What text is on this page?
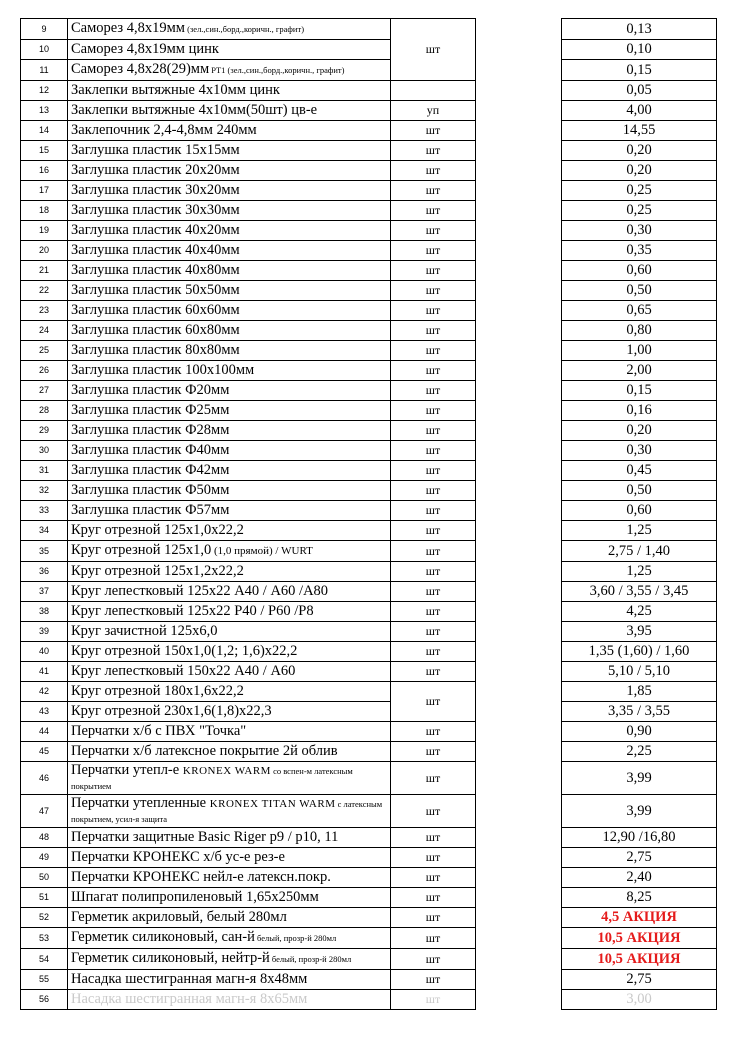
9	Саморез 4,8х19мм (зел.,син.,борд.,коричн., графит)	шт		0,13
10	Саморез 4,8х19мм цинк			0,10
11	Саморез 4,8х28(29)мм PT1 (зел.,син.,борд.,коричн., графит)			0,15
12	Заклепки вытяжные 4х10мм цинк			0,05
13	Заклепки вытяжные 4х10мм(50шт) цв-е	уп		4,00
14	Заклепочник 2,4-4,8мм 240мм	шт		14,55
15	Заглушка пластик 15х15мм	шт		0,20
16	Заглушка пластик 20х20мм	шт		0,20
17	Заглушка пластик 30х20мм	шт		0,25
18	Заглушка пластик 30х30мм	шт		0,25
19	Заглушка пластик 40х20мм	шт		0,30
20	Заглушка пластик 40х40мм	шт		0,35
21	Заглушка пластик 40х80мм	шт		0,60
22	Заглушка пластик 50х50мм	шт		0,50
23	Заглушка пластик 60х60мм	шт		0,65
24	Заглушка пластик 60х80мм	шт		0,80
25	Заглушка пластик 80х80мм	шт		1,00
26	Заглушка пластик 100х100мм	шт		2,00
27	Заглушка пластик Ф20мм	шт		0,15
28	Заглушка пластик Ф25мм	шт		0,16
29	Заглушка пластик Ф28мм	шт		0,20
30	Заглушка пластик Ф40мм	шт		0,30
31	Заглушка пластик Ф42мм	шт		0,45
32	Заглушка пластик Ф50мм	шт		0,50
33	Заглушка пластик Ф57мм	шт		0,60
34	Круг отрезной 125х1,0х22,2	шт		1,25
35	Круг отрезной 125х1,0 (1,0 прямой) / WURT	шт		2,75 / 1,40
36	Круг отрезной 125х1,2х22,2	шт		1,25
37	Круг лепестковый 125х22 А40 / А60 /А80	шт		3,60 / 3,55 / 3,45
38	Круг лепестковый 125х22 Р40 / Р60 /Р8	шт		4,25
39	Круг зачистной 125х6,0	шт		3,95
40	Круг отрезной 150х1,0(1,2; 1,6)х22,2	шт		1,35 (1,60) / 1,60
41	Круг лепестковый 150х22 А40 / А60	шт		5,10 / 5,10
42	Круг отрезной 180х1,6х22,2	шт		1,85
43	Круг отрезной 230х1,6(1,8)х22,3			3,35 / 3,55
44	Перчатки х/б с ПВХ "Точка"	шт		0,90
45	Перчатки х/б латексное покрытие 2й облив	шт		2,25
46	Перчатки утепл-е KRONEX WARM со вспен-м латексным покрытием	шт		3,99
47	Перчатки утепленные KRONEX TITAN WARM с латексным покрытием, усил-я защита	шт		3,99
48	Перчатки защитные Basic Riger p9 / p10, 11	шт		12,90 /16,80
49	Перчатки КРОНЕКС х/б ус-е рез-е	шт		2,75
50	Перчатки КРОНЕКС нейл-е латексн.покр.	шт		2,40
51	Шпагат полипропиленовый 1,65х250мм	шт		8,25
52	Герметик акриловый, белый 280мл	шт		4,5 АКЦИЯ
53	Герметик силиконовый, сан-й белый, прозр-й 280мл	шт		10,5 АКЦИЯ
54	Герметик силиконовый, нейтр-й белый, прозр-й 280мл	шт		10,5 АКЦИЯ
55	Насадка шестигранная магн-я 8х48мм	шт		2,75
56	Насадка шестигранная магн-я 8х65мм	шт		3,00
